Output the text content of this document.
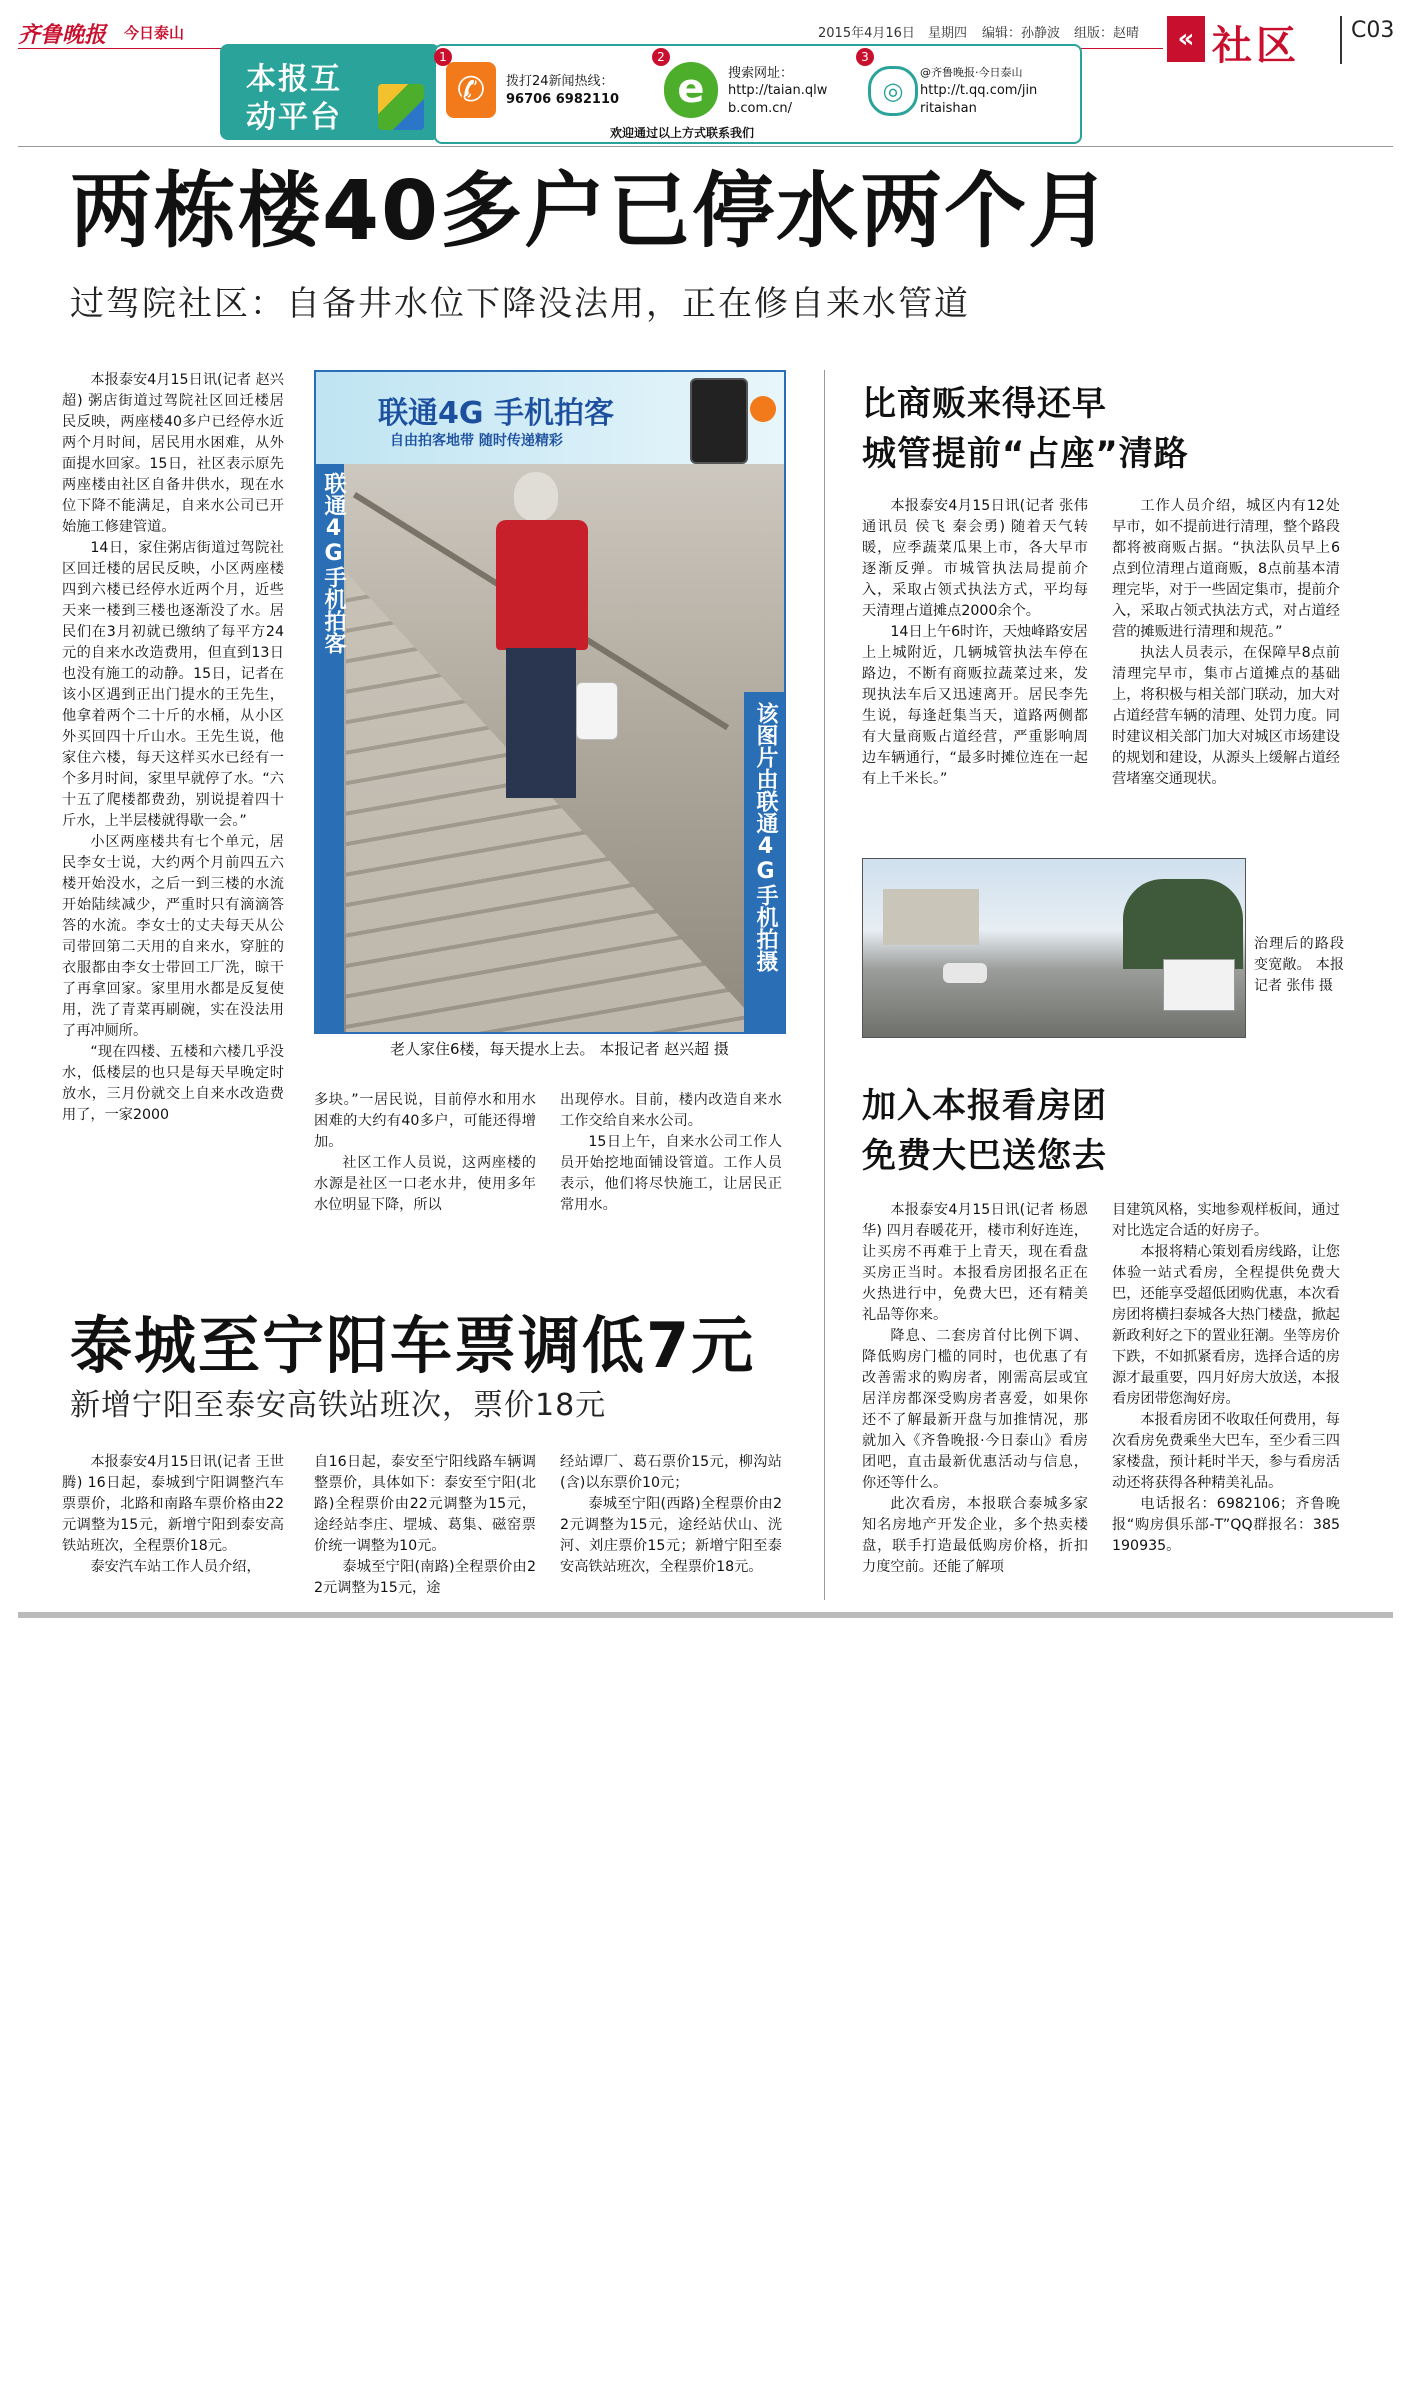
齐鲁晚报 今日泰山	2015年4月16日 星期四 编辑：孙静波 组版：赵晴	« 社区 C03
本报互
动平台
1
✆	拨打24新闻热线：
96706 6982110
2
e	搜索网址：
http://taian.qlwb.com.cn/
3
◎
@齐鲁晚报·今日泰山
http://t.qq.com/jinritaishan
欢迎通过以上方式联系我们
两栋楼40多户已停水两个月
过驾院社区：自备井水位下降没法用，正在修自来水管道

本报泰安4月15日讯(记者 赵兴超) 粥店街道过驾院社区回迁楼居民反映，两座楼40多户已经停水近两个月时间，居民用水困难，从外面提水回家。15日，社区表示原先两座楼由社区自备井供水，现在水位下降不能满足，自来水公司已开始施工修建管道。

14日，家住粥店街道过驾院社区回迁楼的居民反映，小区两座楼四到六楼已经停水近两个月，近些天来一楼到三楼也逐渐没了水。居民们在3月初就已缴纳了每平方24元的自来水改造费用，但直到13日也没有施工的动静。15日，记者在该小区遇到正出门提水的王先生，他拿着两个二十斤的水桶，从小区外买回四十斤山水。王先生说，他家住六楼，每天这样买水已经有一个多月时间，家里早就停了水。“六十五了爬楼都费劲，别说提着四十斤水，上半层楼就得歇一会。”

小区两座楼共有七个单元，居民李女士说，大约两个月前四五六楼开始没水，之后一到三楼的水流开始陆续减少，严重时只有滴滴答答的水流。李女士的丈夫每天从公司带回第二天用的自来水，穿脏的衣服都由李女士带回工厂洗，晾干了再拿回家。家里用水都是反复使用，洗了青菜再刷碗，实在没法用了再冲厕所。

“现在四楼、五楼和六楼几乎没水，低楼层的也只是每天早晚定时放水，三月份就交上自来水改造费用了，一家2000

联通4G 手机拍客
自由拍客地带 随时传递精彩
联通4G手机拍客
该图片由联通4G手机拍摄
老人家住6楼，每天提水上去。 本报记者 赵兴超 摄

多块。”一居民说，目前停水和用水困难的大约有40多户，可能还得增加。

社区工作人员说，这两座楼的水源是社区一口老水井，使用多年水位明显下降，所以

出现停水。目前，楼内改造自来水工作交给自来水公司。

15日上午，自来水公司工作人员开始挖地面铺设管道。工作人员表示，他们将尽快施工，让居民正常用水。

比商贩来得还早
城管提前“占座”清路

本报泰安4月15日讯(记者 张伟 通讯员 侯飞 秦会勇) 随着天气转暖，应季蔬菜瓜果上市，各大早市逐渐反弹。市城管执法局提前介入，采取占领式执法方式，平均每天清理占道摊点2000余个。

14日上午6时许，天烛峰路安居上上城附近，几辆城管执法车停在路边，不断有商贩拉蔬菜过来，发现执法车后又迅速离开。居民李先生说，每逢赶集当天，道路两侧都有大量商贩占道经营，严重影响周边车辆通行，“最多时摊位连在一起有上千米长。”

工作人员介绍，城区内有12处早市，如不提前进行清理，整个路段都将被商贩占据。“执法队员早上6点到位清理占道商贩，8点前基本清理完毕，对于一些固定集市，提前介入，采取占领式执法方式，对占道经营的摊贩进行清理和规范。”

执法人员表示，在保障早8点前清理完早市，集市占道摊点的基础上，将积极与相关部门联动，加大对占道经营车辆的清理、处罚力度。同时建议相关部门加大对城区市场建设的规划和建设，从源头上缓解占道经营堵塞交通现状。

治理后的路段变宽敞。 本报记者 张伟 摄
加入本报看房团
免费大巴送您去

本报泰安4月15日讯(记者 杨恩华) 四月春暖花开，楼市利好连连，让买房不再难于上青天，现在看盘买房正当时。本报看房团报名正在火热进行中，免费大巴，还有精美礼品等你来。

降息、二套房首付比例下调、降低购房门槛的同时，也优惠了有改善需求的购房者，刚需高层或宜居洋房都深受购房者喜爱，如果你还不了解最新开盘与加推情况，那就加入《齐鲁晚报·今日泰山》看房团吧，直击最新优惠活动与信息，你还等什么。

此次看房，本报联合泰城多家知名房地产开发企业，多个热卖楼盘，联手打造最低购房价格，折扣力度空前。还能了解项

目建筑风格，实地参观样板间，通过对比选定合适的好房子。

本报将精心策划看房线路，让您体验一站式看房，全程提供免费大巴，还能享受超低团购优惠，本次看房团将横扫泰城各大热门楼盘，掀起新政利好之下的置业狂潮。坐等房价下跌，不如抓紧看房，选择合适的房源才最重要，四月好房大放送，本报看房团带您淘好房。

本报看房团不收取任何费用，每次看房免费乘坐大巴车，至少看三四家楼盘，预计耗时半天，参与看房活动还将获得各种精美礼品。

电话报名：6982106；齐鲁晚报“购房俱乐部-T”QQ群报名：385190935。

泰城至宁阳车票调低7元
新增宁阳至泰安高铁站班次，票价18元

本报泰安4月15日讯(记者 王世腾) 16日起，泰城到宁阳调整汽车票票价，北路和南路车票价格由22元调整为15元，新增宁阳到泰安高铁站班次，全程票价18元。

泰安汽车站工作人员介绍，

自16日起，泰安至宁阳线路车辆调整票价，具体如下：泰安至宁阳(北路)全程票价由22元调整为15元，途经站李庄、堽城、葛集、磁窑票价统一调整为10元。

泰城至宁阳(南路)全程票价由22元调整为15元，途

经站谭厂、葛石票价15元，柳沟站(含)以东票价10元；

泰城至宁阳(西路)全程票价由22元调整为15元，途经站伏山、洸河、刘庄票价15元；新增宁阳至泰安高铁站班次，全程票价18元。
